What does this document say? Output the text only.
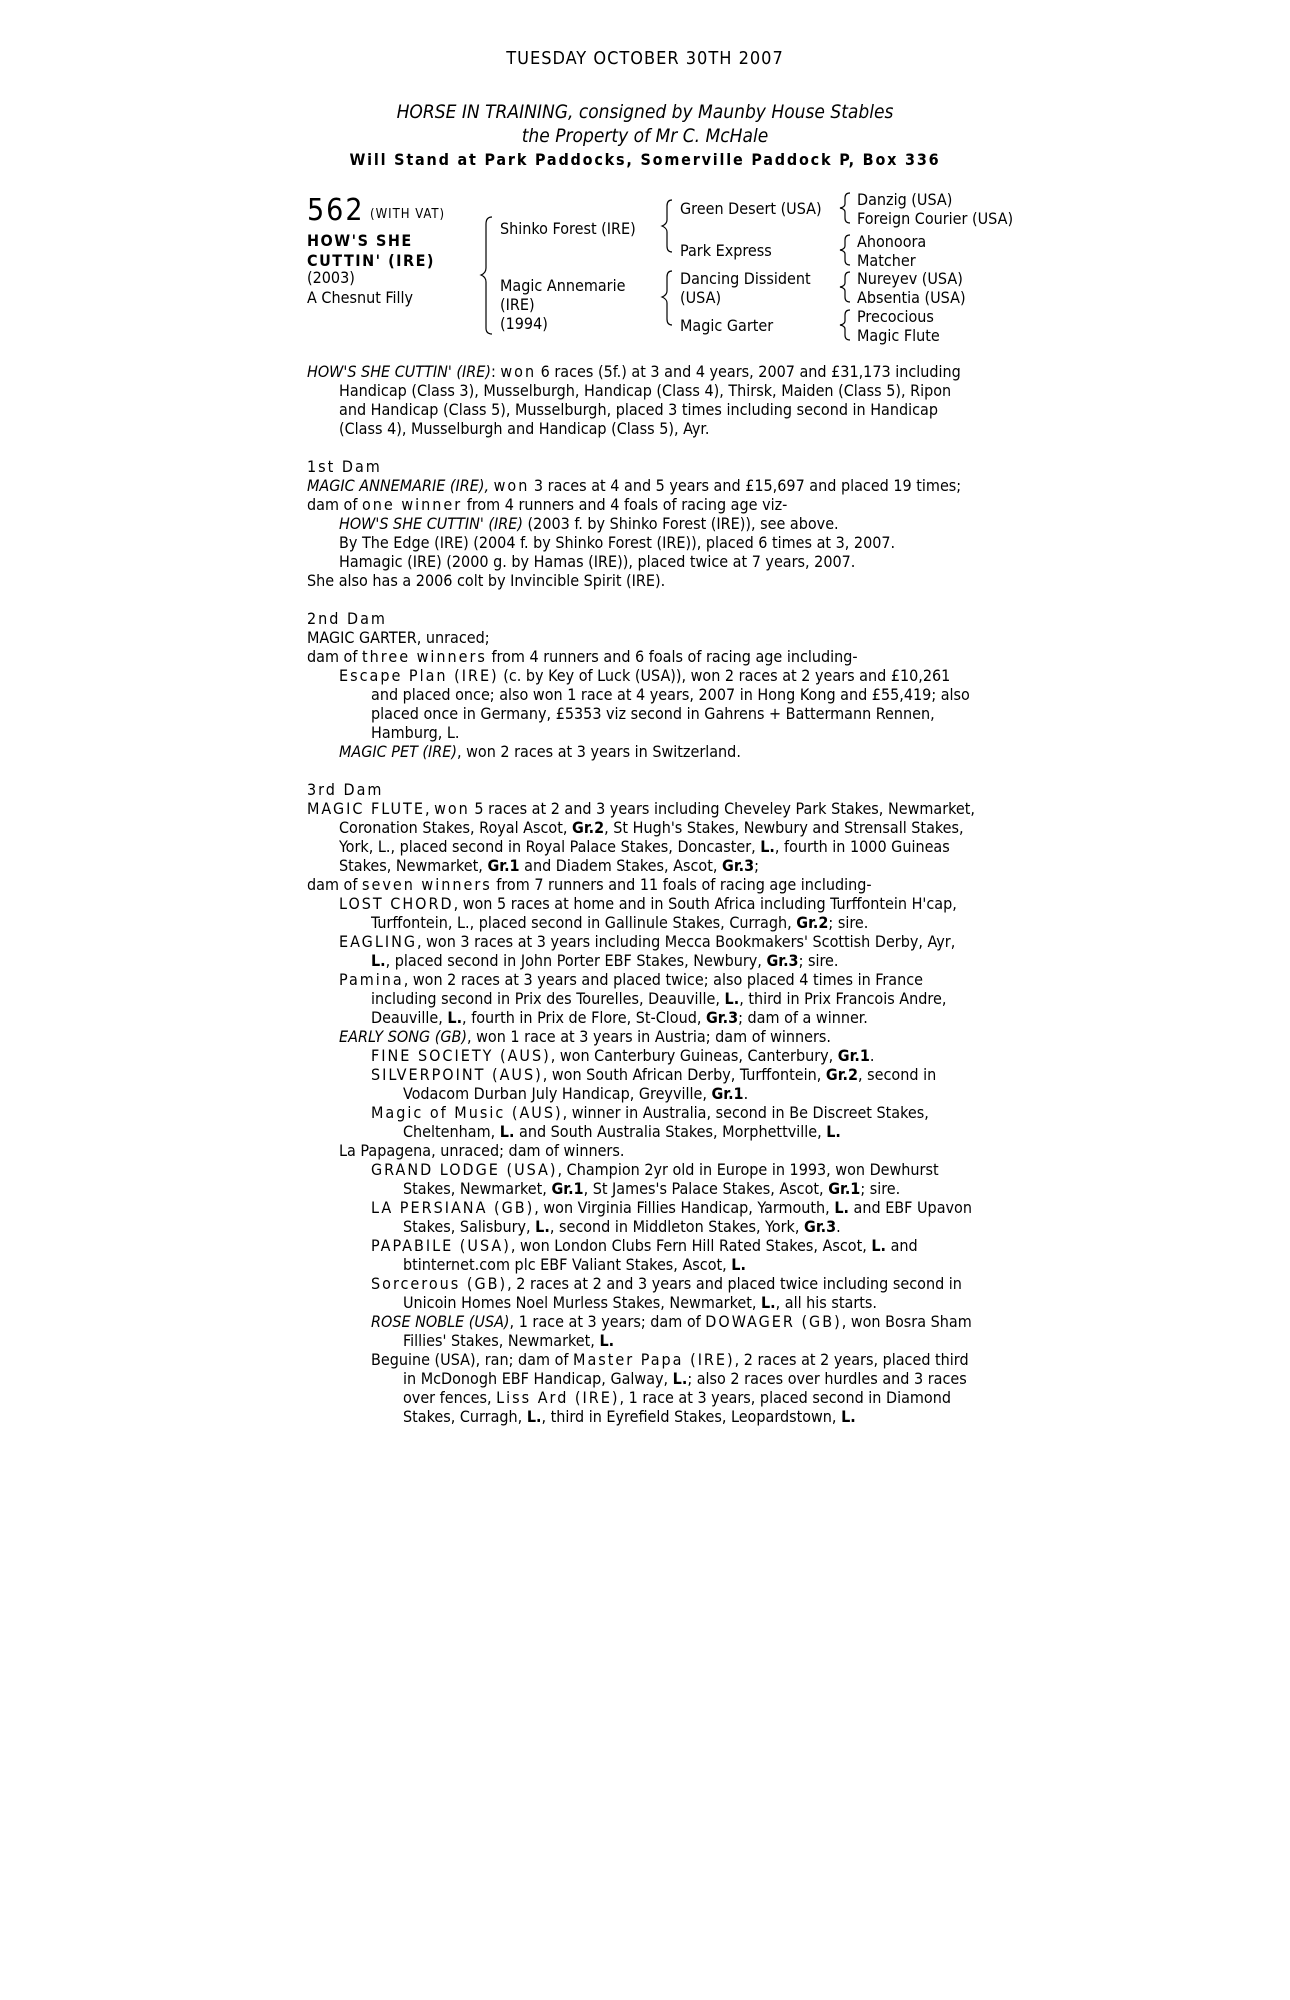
TUESDAY OCTOBER 30TH 2007
HORSE IN TRAINING, consigned by Maunby House Stables
the Property of Mr C. McHale
Will Stand at Park Paddocks, Somerville Paddock P, Box 336
562 (WITH VAT)
HOW'S SHE CUTTIN' (IRE)
(2003)
A Chesnut Filly
Shinko Forest (IRE)
Magic Annemarie
(IRE)
(1994)
Green Desert (USA)
Park Express
Dancing Dissident
(USA)
Magic Garter
Danzig (USA)
Foreign Courier (USA)
Ahonoora
Matcher
Nureyev (USA)
Absentia (USA)
Precocious
Magic Flute

HOW'S SHE CUTTIN' (IRE): won 6 races (5f.) at 3 and 4 years, 2007 and £31,173 including Handicap (Class 3), Musselburgh, Handicap (Class 4), Thirsk, Maiden (Class 5), Ripon and Handicap (Class 5), Musselburgh, placed 3 times including second in Handicap (Class 4), Musselburgh and Handicap (Class 5), Ayr.

1st Dam

MAGIC ANNEMARIE (IRE), won 3 races at 4 and 5 years and £15,697 and placed 19 times;

dam of one winner from 4 runners and 4 foals of racing age viz-

HOW'S SHE CUTTIN' (IRE) (2003 f. by Shinko Forest (IRE)), see above.

By The Edge (IRE) (2004 f. by Shinko Forest (IRE)), placed 6 times at 3, 2007.

Hamagic (IRE) (2000 g. by Hamas (IRE)), placed twice at 7 years, 2007.

She also has a 2006 colt by Invincible Spirit (IRE).

2nd Dam

MAGIC GARTER, unraced;

dam of three winners from 4 runners and 6 foals of racing age including-

Escape Plan (IRE) (c. by Key of Luck (USA)), won 2 races at 2 years and £10,261 and placed once; also won 1 race at 4 years, 2007 in Hong Kong and £55,419; also placed once in Germany, £5353 viz second in Gahrens + Battermann Rennen, Hamburg, L.

MAGIC PET (IRE), won 2 races at 3 years in Switzerland.

3rd Dam

MAGIC FLUTE, won 5 races at 2 and 3 years including Cheveley Park Stakes, Newmarket, Coronation Stakes, Royal Ascot, Gr.2, St Hugh's Stakes, Newbury and Strensall Stakes, York, L., placed second in Royal Palace Stakes, Doncaster, L., fourth in 1000 Guineas Stakes, Newmarket, Gr.1 and Diadem Stakes, Ascot, Gr.3;

dam of seven winners from 7 runners and 11 foals of racing age including-

LOST CHORD, won 5 races at home and in South Africa including Turffontein H'cap, Turffontein, L., placed second in Gallinule Stakes, Curragh, Gr.2; sire.

EAGLING, won 3 races at 3 years including Mecca Bookmakers' Scottish Derby, Ayr, L., placed second in John Porter EBF Stakes, Newbury, Gr.3; sire.

Pamina, won 2 races at 3 years and placed twice; also placed 4 times in France including second in Prix des Tourelles, Deauville, L., third in Prix Francois Andre, Deauville, L., fourth in Prix de Flore, St-Cloud, Gr.3; dam of a winner.

EARLY SONG (GB), won 1 race at 3 years in Austria; dam of winners.

FINE SOCIETY (AUS), won Canterbury Guineas, Canterbury, Gr.1.

SILVERPOINT (AUS), won South African Derby, Turffontein, Gr.2, second in Vodacom Durban July Handicap, Greyville, Gr.1.

Magic of Music (AUS), winner in Australia, second in Be Discreet Stakes, Cheltenham, L. and South Australia Stakes, Morphettville, L.

La Papagena, unraced; dam of winners.

GRAND LODGE (USA), Champion 2yr old in Europe in 1993, won Dewhurst Stakes, Newmarket, Gr.1, St James's Palace Stakes, Ascot, Gr.1; sire.

LA PERSIANA (GB), won Virginia Fillies Handicap, Yarmouth, L. and EBF Upavon Stakes, Salisbury, L., second in Middleton Stakes, York, Gr.3.

PAPABILE (USA), won London Clubs Fern Hill Rated Stakes, Ascot, L. and btinternet.com plc EBF Valiant Stakes, Ascot, L.

Sorcerous (GB), 2 races at 2 and 3 years and placed twice including second in Unicoin Homes Noel Murless Stakes, Newmarket, L., all his starts.

ROSE NOBLE (USA), 1 race at 3 years; dam of DOWAGER (GB), won Bosra Sham Fillies' Stakes, Newmarket, L.

Beguine (USA), ran; dam of Master Papa (IRE), 2 races at 2 years, placed third in McDonogh EBF Handicap, Galway, L.; also 2 races over hurdles and 3 races over fences, Liss Ard (IRE), 1 race at 3 years, placed second in Diamond Stakes, Curragh, L., third in Eyrefield Stakes, Leopardstown, L.
